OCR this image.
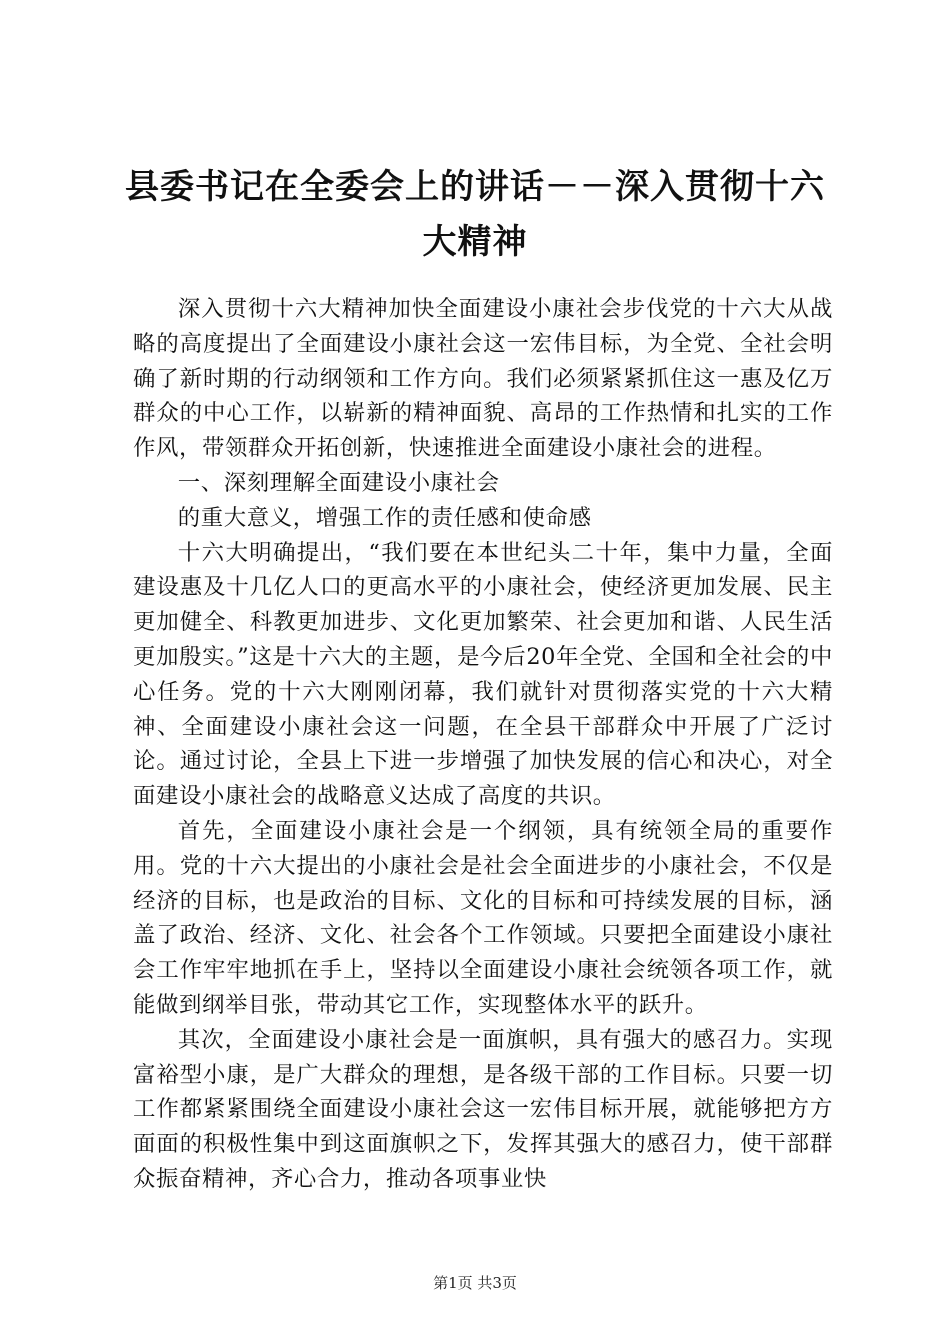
县委书记在全委会上的讲话－－深入贯彻十六
大精神

深入贯彻十六大精神加快全面建设小康社会步伐党的十六大从战略的高度提出了全面建设小康社会这一宏伟目标，为全党、全社会明确了新时期的行动纲领和工作方向。我们必须紧紧抓住这一惠及亿万群众的中心工作，以崭新的精神面貌、高昂的工作热情和扎实的工作作风，带领群众开拓创新，快速推进全面建设小康社会的进程。

一、深刻理解全面建设小康社会

的重大意义，增强工作的责任感和使命感

十六大明确提出，“我们要在本世纪头二十年，集中力量，全面建设惠及十几亿人口的更高水平的小康社会，使经济更加发展、民主更加健全、科教更加进步、文化更加繁荣、社会更加和谐、人民生活更加殷实。”这是十六大的主题，是今后20年全党、全国和全社会的中心任务。党的十六大刚刚闭幕，我们就针对贯彻落实党的十六大精神、全面建设小康社会这一问题，在全县干部群众中开展了广泛讨论。通过讨论，全县上下进一步增强了加快发展的信心和决心，对全面建设小康社会的战略意义达成了高度的共识。

首先，全面建设小康社会是一个纲领，具有统领全局的重要作用。党的十六大提出的小康社会是社会全面进步的小康社会，不仅是经济的目标，也是政治的目标、文化的目标和可持续发展的目标，涵盖了政治、经济、文化、社会各个工作领域。只要把全面建设小康社会工作牢牢地抓在手上，坚持以全面建设小康社会统领各项工作，就能做到纲举目张，带动其它工作，实现整体水平的跃升。

其次，全面建设小康社会是一面旗帜，具有强大的感召力。实现富裕型小康，是广大群众的理想，是各级干部的工作目标。只要一切工作都紧紧围绕全面建设小康社会这一宏伟目标开展，就能够把方方面面的积极性集中到这面旗帜之下，发挥其强大的感召力，使干部群众振奋精神，齐心合力，推动各项事业快

第1页 共3页
